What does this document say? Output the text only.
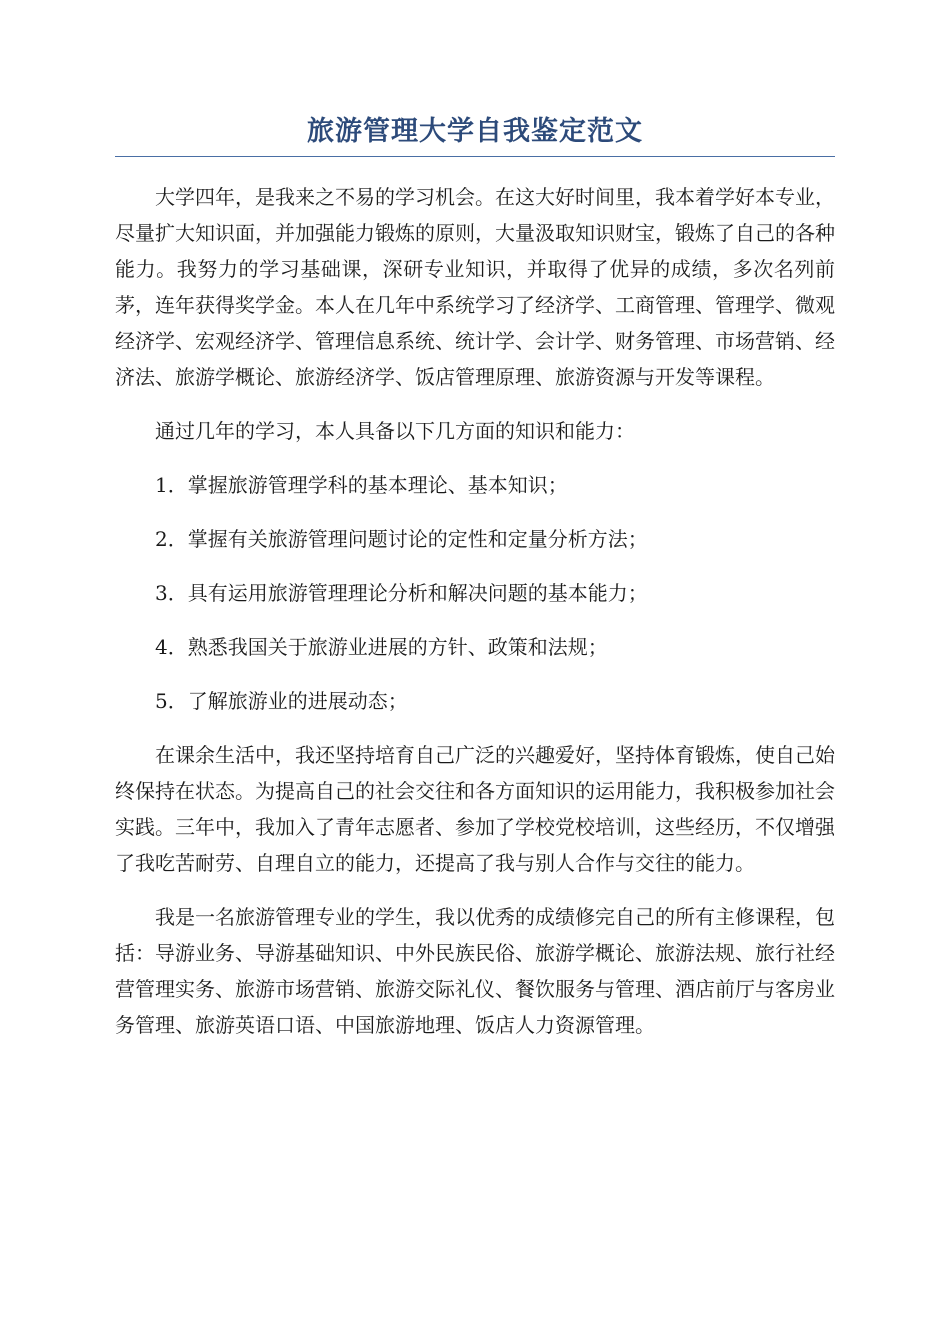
旅游管理大学自我鉴定范文

大学四年，是我来之不易的学习机会。在这大好时间里，我本着学好本专业，尽量扩大知识面，并加强能力锻炼的原则，大量汲取知识财宝，锻炼了自己的各种能力。我努力的学习基础课，深研专业知识，并取得了优异的成绩，多次名列前茅，连年获得奖学金。本人在几年中系统学习了经济学、工商管理、管理学、微观经济学、宏观经济学、管理信息系统、统计学、会计学、财务管理、市场营销、经济法、旅游学概论、旅游经济学、饭店管理原理、旅游资源与开发等课程。

通过几年的学习，本人具备以下几方面的知识和能力：

1．掌握旅游管理学科的基本理论、基本知识；

2．掌握有关旅游管理问题讨论的定性和定量分析方法；

3．具有运用旅游管理理论分析和解决问题的基本能力；

4．熟悉我国关于旅游业进展的方针、政策和法规；

5．了解旅游业的进展动态；

在课余生活中，我还坚持培育自己广泛的兴趣爱好，坚持体育锻炼，使自己始终保持在状态。为提高自己的社会交往和各方面知识的运用能力，我积极参加社会实践。三年中，我加入了青年志愿者、参加了学校党校培训，这些经历，不仅增强了我吃苦耐劳、自理自立的能力，还提高了我与别人合作与交往的能力。

我是一名旅游管理专业的学生，我以优秀的成绩修完自己的所有主修课程，包括：导游业务、导游基础知识、中外民族民俗、旅游学概论、旅游法规、旅行社经营管理实务、旅游市场营销、旅游交际礼仪、餐饮服务与管理、酒店前厅与客房业务管理、旅游英语口语、中国旅游地理、饭店人力资源管理。
